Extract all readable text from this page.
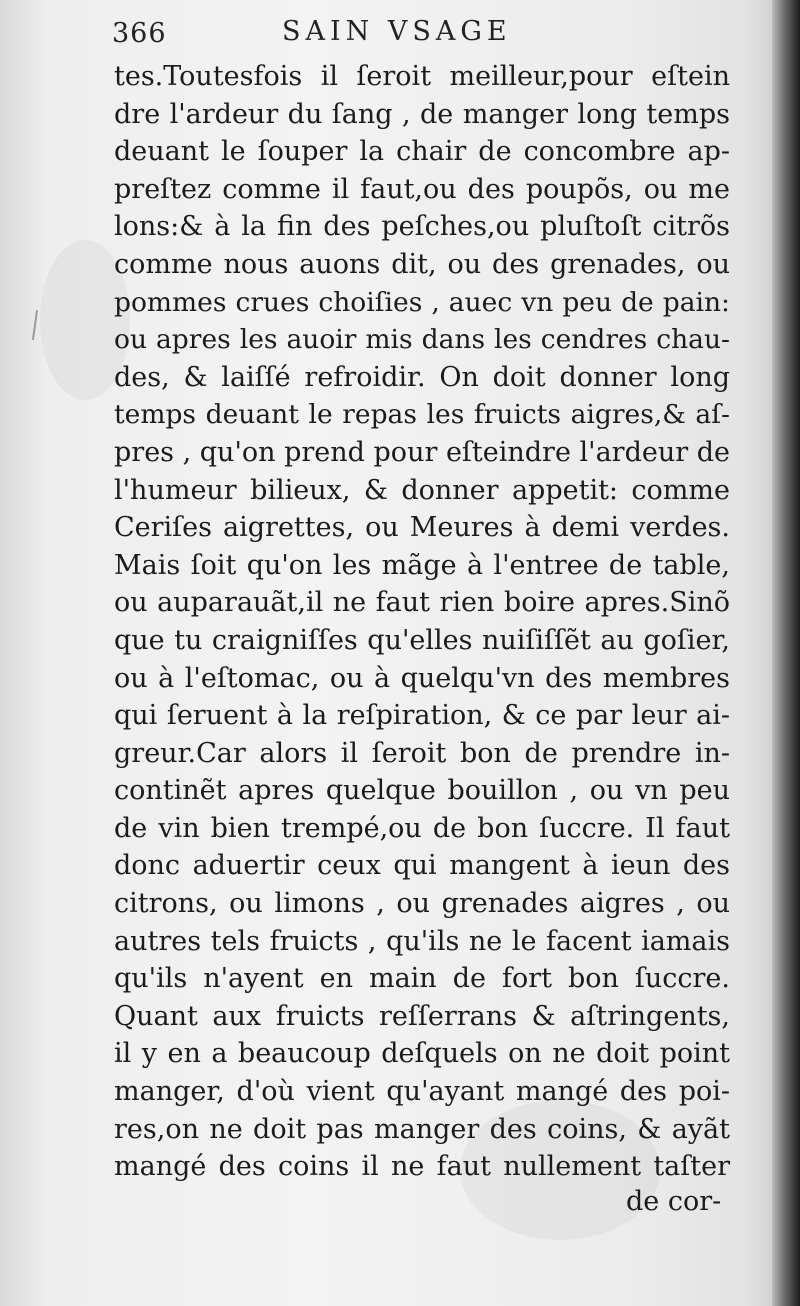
366	SAIN VSAGE
tes.Toutesfois il ſeroit meilleur,pour eſtein
dre l'ardeur du ſang , de manger long temps
deuant le ſouper la chair de concombre ap-
preſtez comme il faut,ou des poupõs, ou me
lons:& à la fin des peſches,ou pluſtoſt citrõs
comme nous auons dit, ou des grenades, ou
pommes crues choiſies , auec vn peu de pain:
ou apres les auoir mis dans les cendres chau-
des, & laiſſé refroidir. On doit donner long
temps deuant le repas les fruicts aigres,& aſ-
pres , qu'on prend pour eſteindre l'ardeur de
l'humeur bilieux, & donner appetit: comme
Ceriſes aigrettes, ou Meures à demi verdes.
Mais ſoit qu'on les mãge à l'entree de table,
ou auparauãt,il ne faut rien boire apres.Sinõ
que tu craigniſſes qu'elles nuiſiſſẽt au goſier,
ou à l'eſtomac, ou à quelqu'vn des membres
qui ſeruent à la reſpiration, & ce par leur ai-
greur.Car alors il ſeroit bon de prendre in-
continẽt apres quelque bouillon , ou vn peu
de vin bien trempé,ou de bon ſuccre. Il faut
donc aduertir ceux qui mangent à ieun des
citrons, ou limons , ou grenades aigres , ou
autres tels fruicts , qu'ils ne le facent iamais
qu'ils n'ayent en main de fort bon ſuccre.
Quant aux fruicts reſſerrans & aſtringents,
il y en a beaucoup deſquels on ne doit point
manger, d'où vient qu'ayant mangé des poi-
res,on ne doit pas manger des coins, & ayãt
mangé des coins il ne faut nullement taſter
de cor-
